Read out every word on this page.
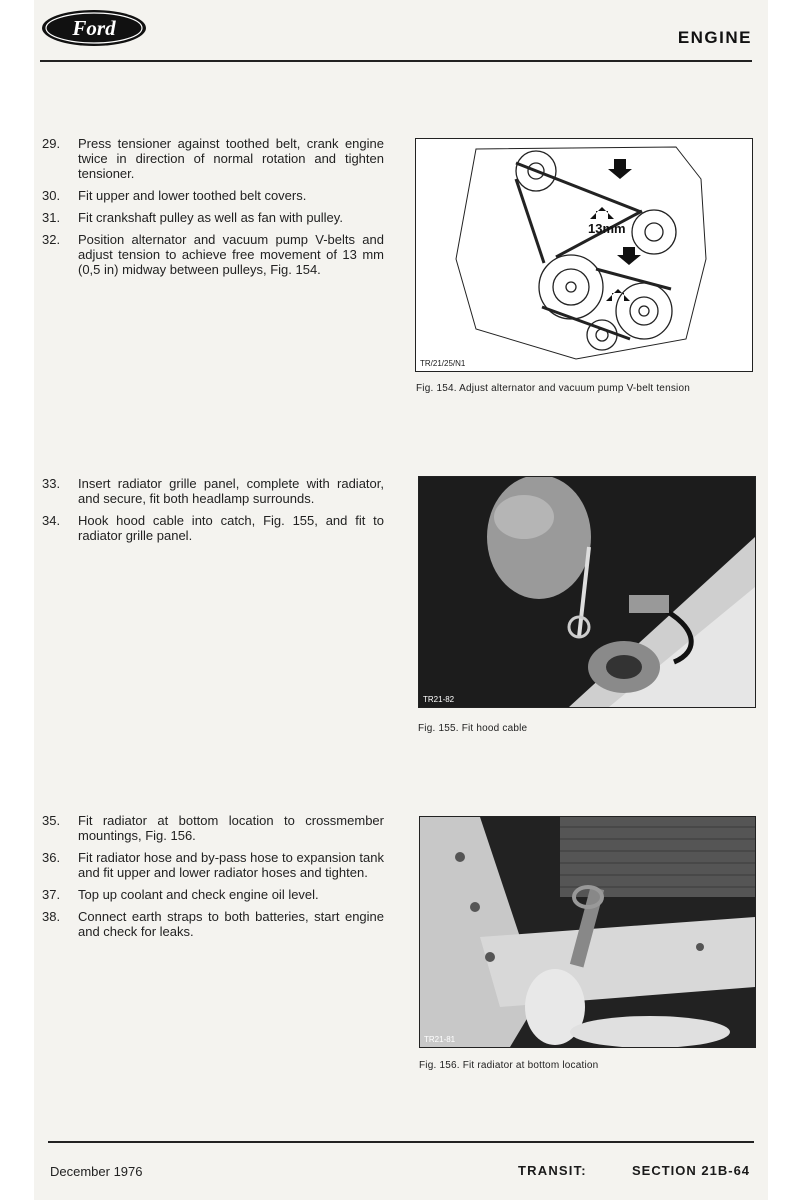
Ford	ENGINE
29.	Press tensioner against toothed belt, crank engine twice in direction of normal rotation and tighten tensioner.
30.	Fit upper and lower toothed belt covers.
31.	Fit crankshaft pulley as well as fan with pulley.
32.	Position alternator and vacuum pump V-belts and adjust tension to achieve free movement of 13 mm (0,5 in) midway between pulleys, Fig. 154.
13mm
TR/21/25/N1
Fig. 154. Adjust alternator and vacuum pump V-belt tension
33.	Insert radiator grille panel, complete with radiator, and secure, fit both headlamp surrounds.
34.	Hook hood cable into catch, Fig. 155, and fit to radiator grille panel.
TR21-82
Fig. 155. Fit hood cable
35.	Fit radiator at bottom location to crossmember mountings, Fig. 156.
36.	Fit radiator hose and by-pass hose to expansion tank and fit upper and lower radiator hoses and tighten.
37.	Top up coolant and check engine oil level.
38.	Connect earth straps to both batteries, start engine and check for leaks.
TR21-81
Fig. 156. Fit radiator at bottom location
December 1976	TRANSIT:	SECTION 21B-64
